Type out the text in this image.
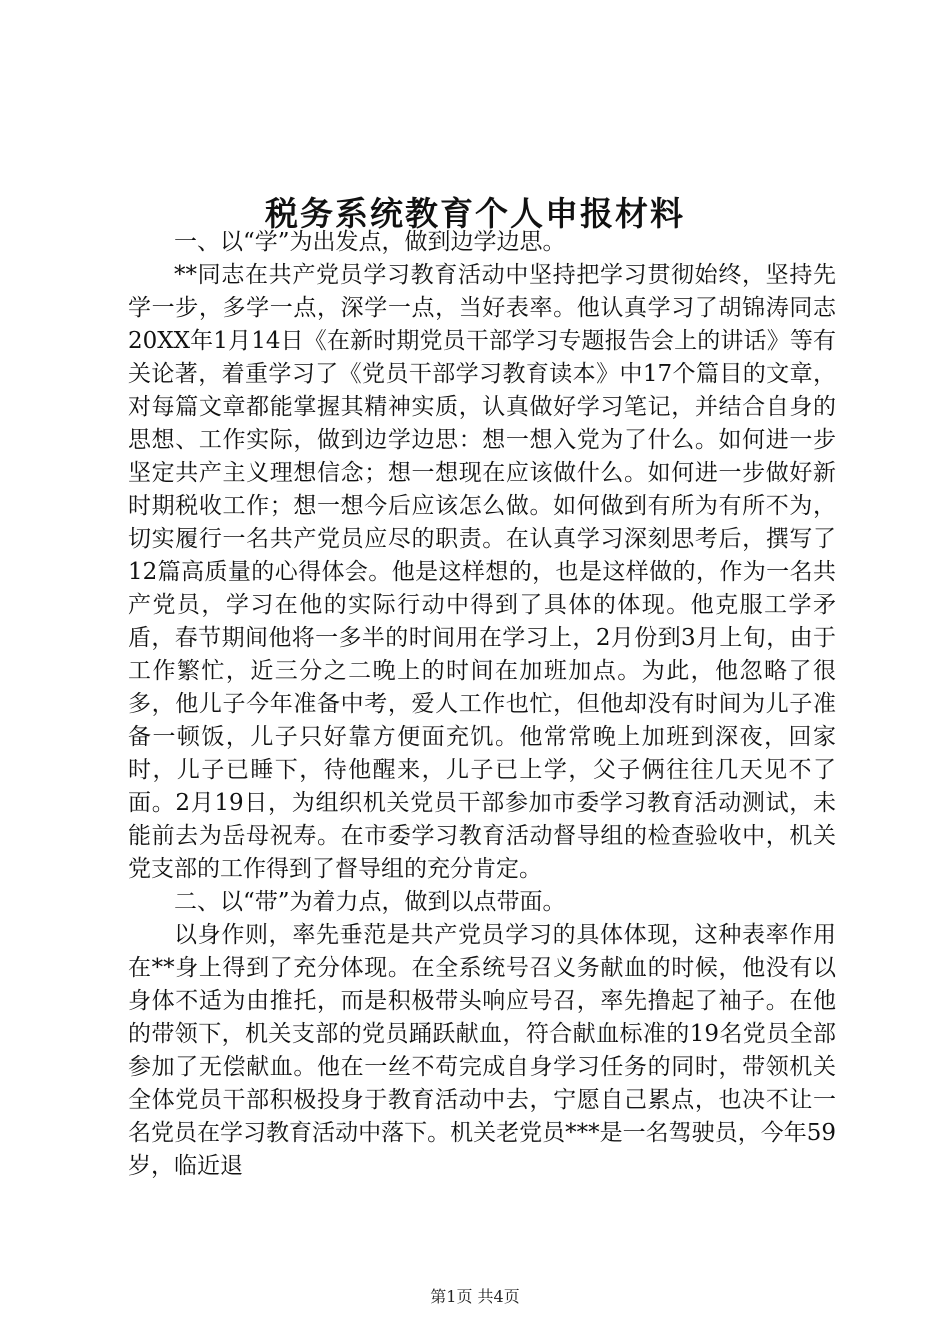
税务系统教育个人申报材料

一、以“学”为出发点，做到边学边思。

**同志在共产党员学习教育活动中坚持把学习贯彻始终，坚持先学一步，多学一点，深学一点，当好表率。他认真学习了胡锦涛同志20XX年1月14日《在新时期党员干部学习专题报告会上的讲话》等有关论著，着重学习了《党员干部学习教育读本》中17个篇目的文章，对每篇文章都能掌握其精神实质，认真做好学习笔记，并结合自身的思想、工作实际，做到边学边思：想一想入党为了什么。如何进一步坚定共产主义理想信念；想一想现在应该做什么。如何进一步做好新时期税收工作；想一想今后应该怎么做。如何做到有所为有所不为，切实履行一名共产党员应尽的职责。在认真学习深刻思考后，撰写了12篇高质量的心得体会。他是这样想的，也是这样做的，作为一名共产党员，学习在他的实际行动中得到了具体的体现。他克服工学矛盾，春节期间他将一多半的时间用在学习上，2月份到3月上旬，由于工作繁忙，近三分之二晚上的时间在加班加点。为此，他忽略了很多，他儿子今年准备中考，爱人工作也忙，但他却没有时间为儿子准备一顿饭，儿子只好靠方便面充饥。他常常晚上加班到深夜，回家时，儿子已睡下，待他醒来，儿子已上学，父子俩往往几天见不了面。2月19日，为组织机关党员干部参加市委学习教育活动测试，未能前去为岳母祝寿。在市委学习教育活动督导组的检查验收中，机关党支部的工作得到了督导组的充分肯定。

二、以“带”为着力点，做到以点带面。

以身作则，率先垂范是共产党员学习的具体体现，这种表率作用在**身上得到了充分体现。在全系统号召义务献血的时候，他没有以身体不适为由推托，而是积极带头响应号召，率先撸起了袖子。在他的带领下，机关支部的党员踊跃献血，符合献血标准的19名党员全部参加了无偿献血。他在一丝不苟完成自身学习任务的同时，带领机关全体党员干部积极投身于教育活动中去，宁愿自己累点，也决不让一名党员在学习教育活动中落下。机关老党员***是一名驾驶员，今年59岁，临近退

第1页 共4页
